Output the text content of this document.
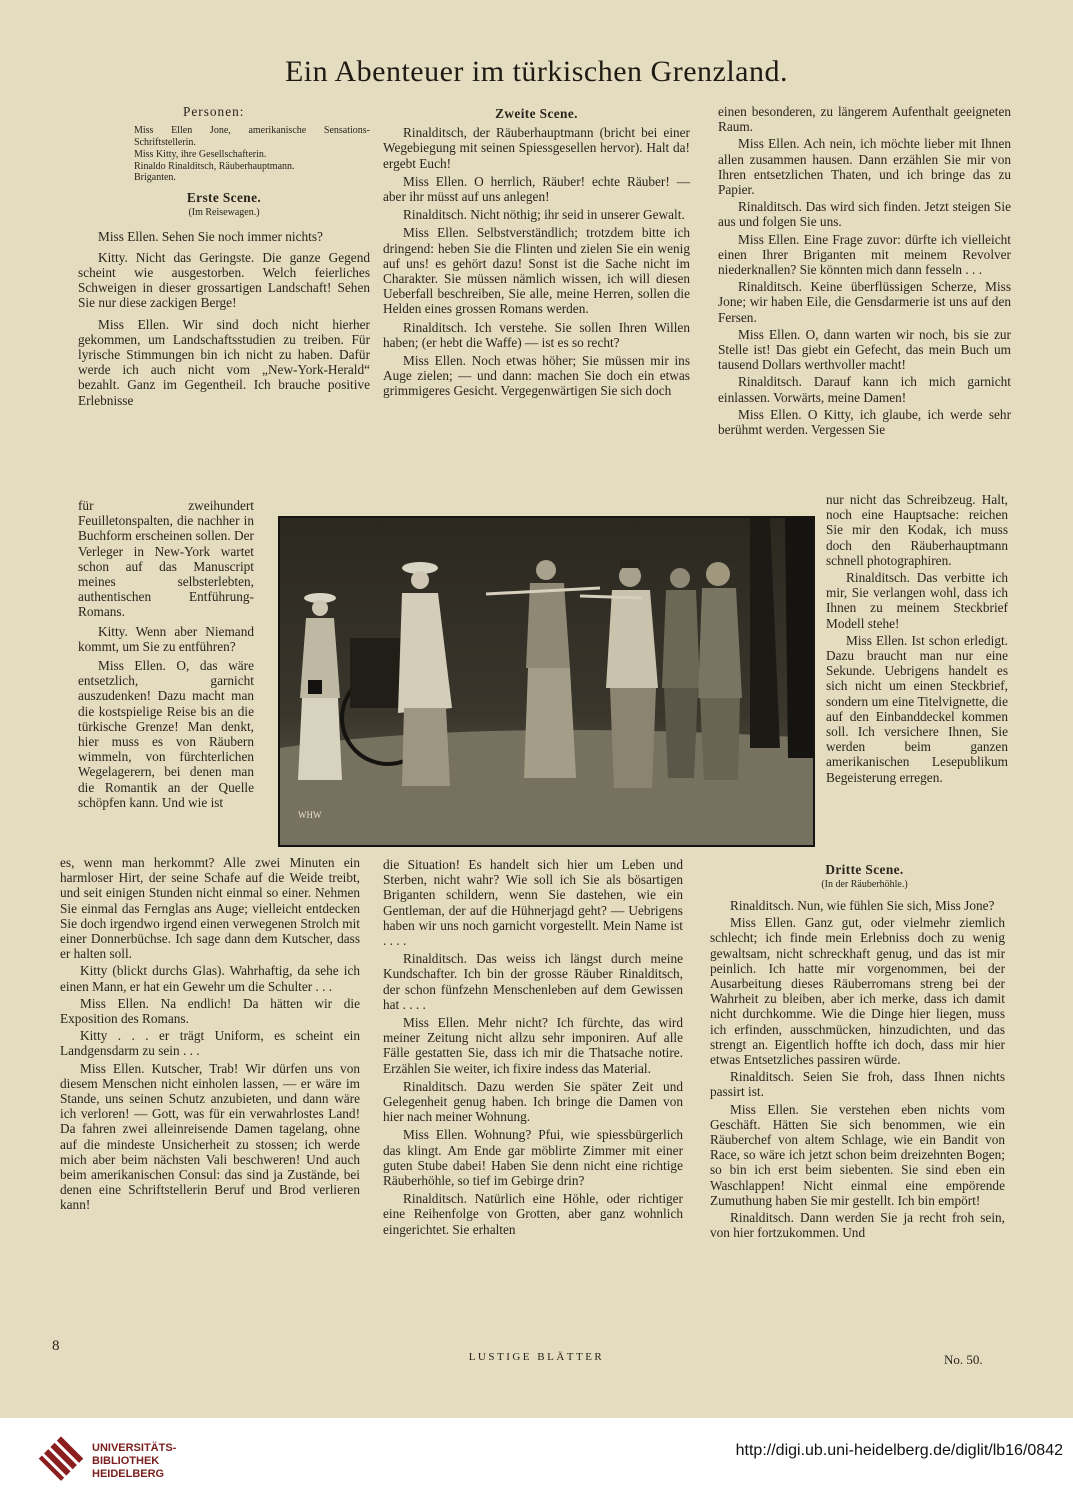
Ein Abenteuer im türkischen Grenzland.

Personen:

Miss Ellen Jone, amerikanische Sensations-Schriftstellerin.

Miss Kitty, ihre Gesellschafterin.

Rinaldo Rinalditsch, Räuberhauptmann.

Briganten.

Erste Scene.

(Im Reisewagen.)

Miss Ellen. Sehen Sie noch immer nichts?

Kitty. Nicht das Geringste. Die ganze Gegend scheint wie ausgestorben. Welch feierliches Schweigen in dieser grossartigen Landschaft! Sehen Sie nur diese zackigen Berge!

Miss Ellen. Wir sind doch nicht hierher gekommen, um Landschaftsstudien zu treiben. Für lyrische Stimmungen bin ich nicht zu haben. Dafür werde ich auch nicht vom „New-York-Herald“ bezahlt. Ganz im Gegentheil. Ich brauche positive Erlebnisse

für zweihundert Feuilletonspalten, die nachher in Buchform erscheinen sollen. Der Verleger in New-York wartet schon auf das Manuscript meines selbsterlebten, authentischen Entführung-Romans.

Kitty. Wenn aber Niemand kommt, um Sie zu entführen?

Miss Ellen. O, das wäre entsetzlich, garnicht auszudenken! Dazu macht man die kostspielige Reise bis an die türkische Grenze! Man denkt, hier muss es von Räubern wimmeln, von fürchterlichen Wegelagerern, bei denen man die Romantik an der Quelle schöpfen kann. Und wie ist

es, wenn man herkommt? Alle zwei Minuten ein harmloser Hirt, der seine Schafe auf die Weide treibt, und seit einigen Stunden nicht einmal so einer. Nehmen Sie einmal das Fernglas ans Auge; vielleicht entdecken Sie doch irgendwo irgend einen verwegenen Strolch mit einer Donnerbüchse. Ich sage dann dem Kutscher, dass er halten soll.

Kitty (blickt durchs Glas). Wahrhaftig, da sehe ich einen Mann, er hat ein Gewehr um die Schulter . . .

Miss Ellen. Na endlich! Da hätten wir die Exposition des Romans.

Kitty . . . er trägt Uniform, es scheint ein Landgensdarm zu sein . . .

Miss Ellen. Kutscher, Trab! Wir dürfen uns von diesem Menschen nicht einholen lassen, — er wäre im Stande, uns seinen Schutz anzubieten, und dann wäre ich verloren! — Gott, was für ein verwahrlostes Land! Da fahren zwei alleinreisende Damen tagelang, ohne auf die mindeste Unsicherheit zu stossen; ich werde mich aber beim nächsten Vali beschweren! Und auch beim amerikanischen Consul: das sind ja Zustände, bei denen eine Schriftstellerin Beruf und Brod verlieren kann!

Zweite Scene.

Rinalditsch, der Räuberhauptmann (bricht bei einer Wegebiegung mit seinen Spiessgesellen hervor). Halt da! ergebt Euch!

Miss Ellen. O herrlich, Räuber! echte Räuber! — aber ihr müsst auf uns anlegen!

Rinalditsch. Nicht nöthig; ihr seid in unserer Gewalt.

Miss Ellen. Selbstverständlich; trotzdem bitte ich dringend: heben Sie die Flinten und zielen Sie ein wenig auf uns! es gehört dazu! Sonst ist die Sache nicht im Charakter. Sie müssen nämlich wissen, ich will diesen Ueberfall beschreiben, Sie alle, meine Herren, sollen die Helden eines grossen Romans werden.

Rinalditsch. Ich verstehe. Sie sollen Ihren Willen haben; (er hebt die Waffe) — ist es so recht?

Miss Ellen. Noch etwas höher; Sie müssen mir ins Auge zielen; — und dann: machen Sie doch ein etwas grimmigeres Gesicht. Vergegenwärtigen Sie sich doch

die Situation! Es handelt sich hier um Leben und Sterben, nicht wahr? Wie soll ich Sie als bösartigen Briganten schildern, wenn Sie dastehen, wie ein Gentleman, der auf die Hühnerjagd geht? — Uebrigens haben wir uns noch garnicht vorgestellt. Mein Name ist . . . .

Rinalditsch. Das weiss ich längst durch meine Kundschafter. Ich bin der grosse Räuber Rinalditsch, der schon fünfzehn Menschenleben auf dem Gewissen hat . . . .

Miss Ellen. Mehr nicht? Ich fürchte, das wird meiner Zeitung nicht allzu sehr imponiren. Auf alle Fälle gestatten Sie, dass ich mir die Thatsache notire. Erzählen Sie weiter, ich fixire indess das Material.

Rinalditsch. Dazu werden Sie später Zeit und Gelegenheit genug haben. Ich bringe die Damen von hier nach meiner Wohnung.

Miss Ellen. Wohnung? Pfui, wie spiessbürgerlich das klingt. Am Ende gar möblirte Zimmer mit einer guten Stube dabei! Haben Sie denn nicht eine richtige Räuberhöhle, so tief im Gebirge drin?

Rinalditsch. Natürlich eine Höhle, oder richtiger eine Reihenfolge von Grotten, aber ganz wohnlich eingerichtet. Sie erhalten

einen besonderen, zu längerem Aufenthalt geeigneten Raum.

Miss Ellen. Ach nein, ich möchte lieber mit Ihnen allen zusammen hausen. Dann erzählen Sie mir von Ihren entsetzlichen Thaten, und ich bringe das zu Papier.

Rinalditsch. Das wird sich finden. Jetzt steigen Sie aus und folgen Sie uns.

Miss Ellen. Eine Frage zuvor: dürfte ich vielleicht einen Ihrer Briganten mit meinem Revolver niederknallen? Sie könnten mich dann fesseln . . .

Rinalditsch. Keine überflüssigen Scherze, Miss Jone; wir haben Eile, die Gensdarmerie ist uns auf den Fersen.

Miss Ellen. O, dann warten wir noch, bis sie zur Stelle ist! Das giebt ein Gefecht, das mein Buch um tausend Dollars werthvoller macht!

Rinalditsch. Darauf kann ich mich garnicht einlassen. Vorwärts, meine Damen!

Miss Ellen. O Kitty, ich glaube, ich werde sehr berühmt werden. Vergessen Sie

nur nicht das Schreibzeug. Halt, noch eine Hauptsache: reichen Sie mir den Kodak, ich muss doch den Räuberhauptmann schnell photographiren.

Rinalditsch. Das verbitte ich mir, Sie verlangen wohl, dass ich Ihnen zu meinem Steckbrief Modell stehe!

Miss Ellen. Ist schon erledigt. Dazu braucht man nur eine Sekunde. Uebrigens handelt es sich nicht um einen Steckbrief, sondern um eine Titelvignette, die auf den Einbanddeckel kommen soll. Ich versichere Ihnen, Sie werden beim ganzen amerikanischen Lesepublikum Begeisterung erregen.

Dritte Scene.

(In der Räuberhöhle.)

Rinalditsch. Nun, wie fühlen Sie sich, Miss Jone?

Miss Ellen. Ganz gut, oder vielmehr ziemlich schlecht; ich finde mein Erlebniss doch zu wenig gewaltsam, nicht schreckhaft genug, und das ist mir peinlich. Ich hatte mir vorgenommen, bei der Ausarbeitung dieses Räuberromans streng bei der Wahrheit zu bleiben, aber ich merke, dass ich damit nicht durchkomme. Wie die Dinge hier liegen, muss ich erfinden, ausschmücken, hinzudichten, und das strengt an. Eigentlich hoffte ich doch, dass mir hier etwas Entsetzliches passiren würde.

Rinalditsch. Seien Sie froh, dass Ihnen nichts passirt ist.

Miss Ellen. Sie verstehen eben nichts vom Geschäft. Hätten Sie sich benommen, wie ein Räuberchef von altem Schlage, wie ein Bandit von Race, so wäre ich jetzt schon beim dreizehnten Bogen; so bin ich erst beim siebenten. Sie sind eben ein Waschlappen! Nicht einmal eine empörende Zumuthung haben Sie mir gestellt. Ich bin empört!

Rinalditsch. Dann werden Sie ja recht froh sein, von hier fortzukommen. Und

WHW
8
LUSTIGE BLÄTTER	No. 50.
UNIVERSITÄTS-
BIBLIOTHEK
HEIDELBERG
http://digi.ub.uni-heidelberg.de/diglit/lb16/0842
